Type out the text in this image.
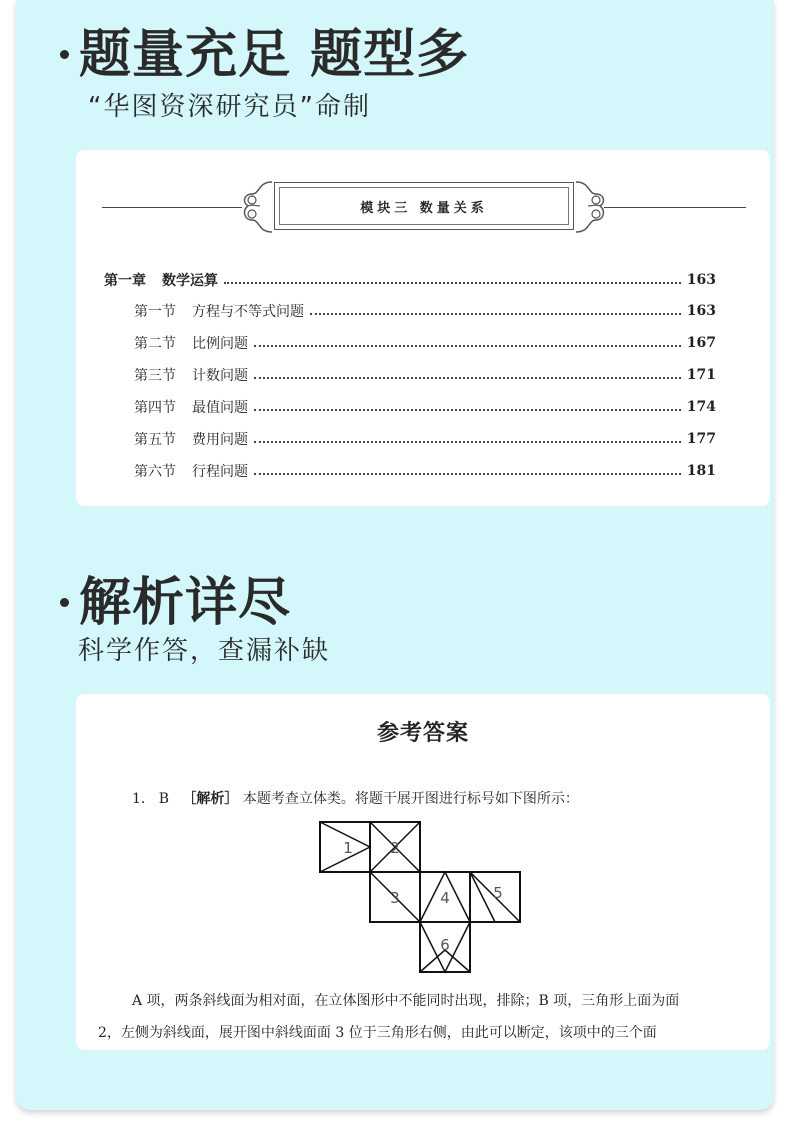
题量充足 题型多
“华图资深研究员”命制
模块三 数量关系
第一章 数学运算	163
第一节 方程与不等式问题	163
第二节 比例问题	167
第三节 计数问题	171
第四节 最值问题	174
第五节 费用问题	177
第六节 行程问题	181
解析详尽
科学作答，查漏补缺
参考答案
1. B ［解析］ 本题考查立体类。将题干展开图进行标号如下图所示：
1 2
3	4	5
6
A 项，两条斜线面为相对面，在立体图形中不能同时出现，排除；B 项，三角形上面为面
2，左侧为斜线面，展开图中斜线面面 3 位于三角形右侧，由此可以断定，该项中的三个面
